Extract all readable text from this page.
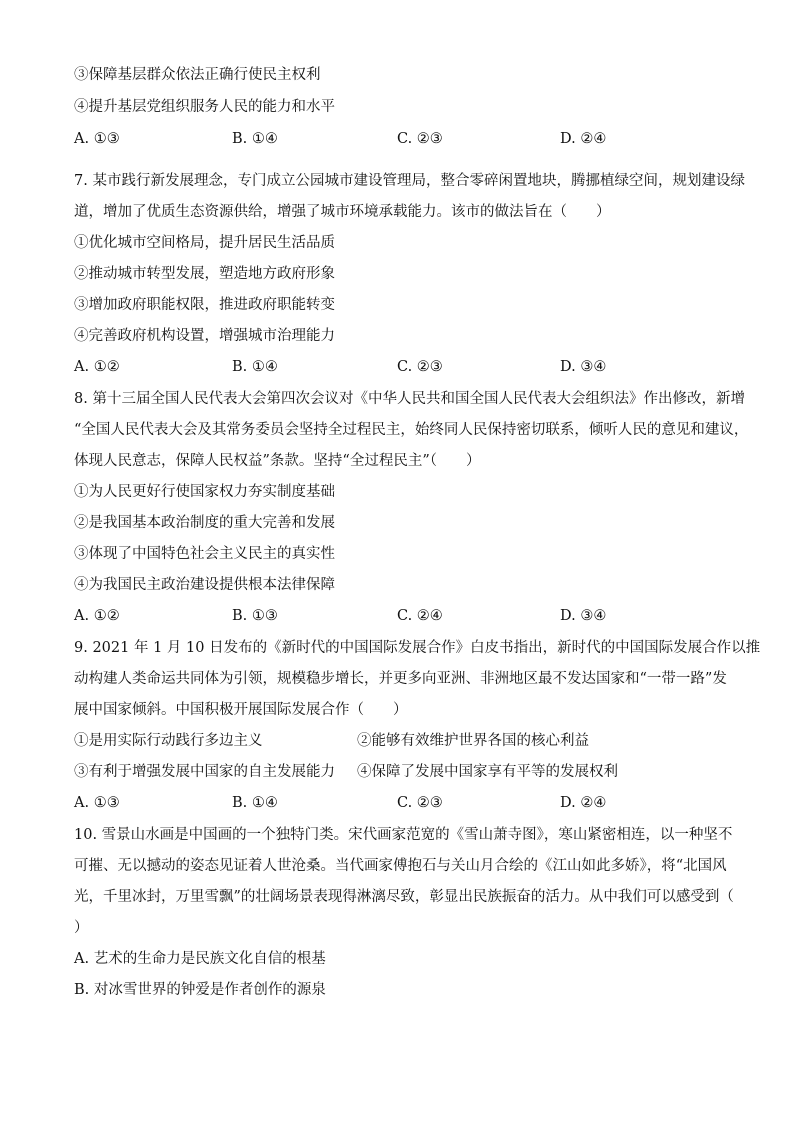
③保障基层群众依法正确行使民主权利
④提升基层党组织服务人民的能力和水平
A. ①③	B. ①④	C. ②③	D. ②④
7. 某市践行新发展理念，专门成立公园城市建设管理局，整合零碎闲置地块，腾挪植绿空间，规划建设绿
道，增加了优质生态资源供给，增强了城市环境承载能力。该市的做法旨在（　　）
①优化城市空间格局，提升居民生活品质
②推动城市转型发展，塑造地方政府形象
③增加政府职能权限，推进政府职能转变
④完善政府机构设置，增强城市治理能力
A. ①②	B. ①④	C. ②③	D. ③④
8. 第十三届全国人民代表大会第四次会议对《中华人民共和国全国人民代表大会组织法》作出修改，新增
“全国人民代表大会及其常务委员会坚持全过程民主，始终同人民保持密切联系，倾听人民的意见和建议，
体现人民意志，保障人民权益”条款。坚持“全过程民主”（　　）
①为人民更好行使国家权力夯实制度基础
②是我国基本政治制度的重大完善和发展
③体现了中国特色社会主义民主的真实性
④为我国民主政治建设提供根本法律保障
A. ①②	B. ①③	C. ②④	D. ③④
9. 2021 年 1 月 10 日发布的《新时代的中国国际发展合作》白皮书指出，新时代的中国国际发展合作以推
动构建人类命运共同体为引领，规模稳步增长，并更多向亚洲、非洲地区最不发达国家和“一带一路”发
展中国家倾斜。中国积极开展国际发展合作（　　）
①是用实际行动践行多边主义	②能够有效维护世界各国的核心利益
③有利于增强发展中国家的自主发展能力 ④保障了发展中国家享有平等的发展权利
A. ①③	B. ①④	C. ②③	D. ②④
10. 雪景山水画是中国画的一个独特门类。宋代画家范宽的《雪山萧寺图》，寒山紧密相连，以一种坚不
可摧、无以撼动的姿态见证着人世沧桑。当代画家傅抱石与关山月合绘的《江山如此多娇》，将“北国风
光，千里冰封，万里雪飘”的壮阔场景表现得淋漓尽致，彰显出民族振奋的活力。从中我们可以感受到（
）
A. 艺术的生命力是民族文化自信的根基
B. 对冰雪世界的钟爱是作者创作的源泉
